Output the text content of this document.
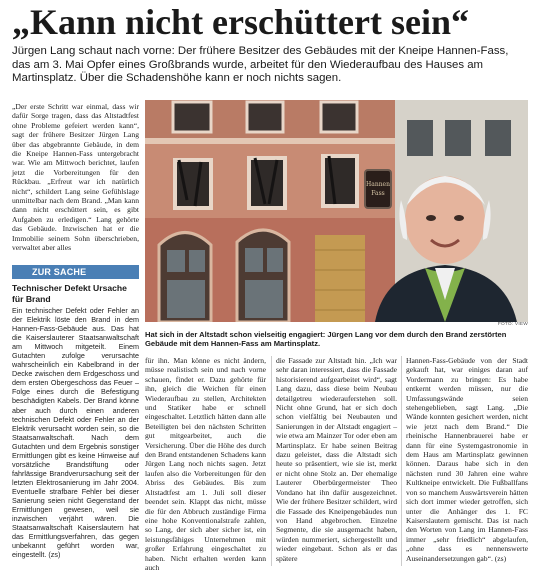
„Kann nicht erschüttert sein“
Jürgen Lang schaut nach vorne: Der frühere Besitzer des Gebäudes mit der Kneipe Hannen-Fass, das am 3. Mai Opfer eines Großbrands wurde, arbeitet für den Wiederaufbau des Hauses am Martinsplatz. Über die Schadenshöhe kann er noch nichts sagen.

„Der erste Schritt war einmal, dass wir dafür Sorge tragen, dass das Altstadtfest ohne Probleme gefeiert werden kann“, sagt der frühere Besitzer Jürgen Lang über das abgebrannte Gebäude, in dem die Kneipe Hannen-Fass untergebracht war. Wie am Mittwoch berichtet, laufen jetzt die Vorbereitungen für den Rückbau. „Erfreut war ich natürlich nicht“, schildert Lang seine Gefühlslage unmittelbar nach dem Brand. „Man kann dann nicht erschüttert sein, es gibt Aufgaben zu erledigen.“ Lang gehörte das Gebäude. Inzwischen hat er die Immobilie seinem Sohn überschrieben, verwaltet aber alles

ZUR SACHE
Technischer Defekt Ursache für Brand

Ein technischer Defekt oder Fehler an der Elektrik löste den Brand in dem Hannen-Fass-Gebäude aus. Das hat die Kaiserslauterer Staatsanwaltschaft am Mittwoch mitgeteilt. Einem Gutachten zufolge verursachte wahrscheinlich ein Kabelbrand in der Decke zwischen dem Erdgeschoss und dem ersten Obergeschoss das Feuer – Folge eines durch die Befestigung beschädigten Kabels. Der Brand könne aber auch durch einen anderen technischen Defekt oder Fehler an der Elektrik verursacht worden sein, so die Staatsanwaltschaft. Nach dem Gutachten und dem Ergebnis sonstiger Ermittlungen gibt es keine Hinweise auf vorsätzliche Brandstiftung oder fahrlässige Brandverursachung seit der letzten Elektrosanierung im Jahr 2004. Eventuelle strafbare Fehler bei dieser Sanierung seien nicht Gegenstand der Ermittlungen gewesen, weil sie inzwischen verjährt wären. Die Staatsanwaltschaft Kaiserslautern hat das Ermittlungsverfahren, das gegen unbekannt geführt worden war, eingestellt. (zs)

Hannen
Fass
FOTO: VIEW
Hat sich in der Altstadt schon vielseitig engagiert: Jürgen Lang vor dem durch den Brand zerstörten Gebäude mit dem Hannen-Fass am Martinsplatz.

für ihn. Man könne es nicht ändern, müsse realistisch sein und nach vorne schauen, findet er. Dazu gehörte für ihn, gleich die Weichen für einen Wiederaufbau zu stellen, Architekten und Statiker habe er schnell eingeschaltet. Letztlich hätten dann alle Beteiligten bei den nächsten Schritten gut mitgearbeitet, auch die Versicherung. Über die Höhe des durch den Brand entstandenen Schadens kann Jürgen Lang noch nichts sagen. Jetzt laufen also die Vorbereitungen für den Abriss des Gebäudes. Bis zum Altstadtfest am 1. Juli soll dieser beendet sein. Klappt das nicht, müsse die für den Abbruch zuständige Firma eine hohe Konventionalstrafe zahlen, so Lang, der sich aber sicher ist, ein leistungsfähiges Unternehmen mit großer Erfahrung eingeschaltet zu haben. Nicht erhalten werden kann auch

die Fassade zur Altstadt hin. „Ich war sehr daran interessiert, dass die Fassade historisierend aufgearbeitet wird“, sagt Lang dazu, dass diese beim Neubau detailgetreu wiederauferstehen soll. Nicht ohne Grund, hat er sich doch schon vielfältig bei Neubauten und Sanierungen in der Altstadt engagiert – wie etwa am Mainzer Tor oder eben am Martinsplatz. Er habe seinen Beitrag dazu geleistet, dass die Altstadt sich heute so präsentiert, wie sie ist, merkt er nicht ohne Stolz an. Der ehemalige Lauterer Oberbürgermeister Theo Vondano hat ihn dafür ausgezeichnet. Wie der frühere Besitzer schildert, wird die Fassade des Kneipengebäudes nun von Hand abgebrochen. Einzelne Segmente, die sie ausgemacht haben, würden nummeriert, sichergestellt und wieder eingebaut. Schon als er das spätere

Hannen-Fass-Gebäude von der Stadt gekauft hat, war einiges daran auf Vordermann zu bringen: Es habe entkernt werden müssen, nur die Umfassungswände seien stehengeblieben, sagt Lang. „Die Wände konnten gesichert werden, nicht wie jetzt nach dem Brand.“ Die rheinische Hannenbrauerei habe er dann für eine Systemgastronomie in dem Haus am Martinsplatz gewinnen können. Daraus habe sich in den nächsten rund 30 Jahren eine wahre Kultkneipe entwickelt. Die Fußballfans von so manchem Auswärtsverein hätten sich dort immer wieder getroffen, sich unter die Anhänger des 1. FC Kaiserslautern gemischt. Das ist nach den Worten von Lang im Hannen-Fass immer „sehr friedlich“ abgelaufen, „ohne dass es nennenswerte Auseinandersetzungen gab“. (zs)
